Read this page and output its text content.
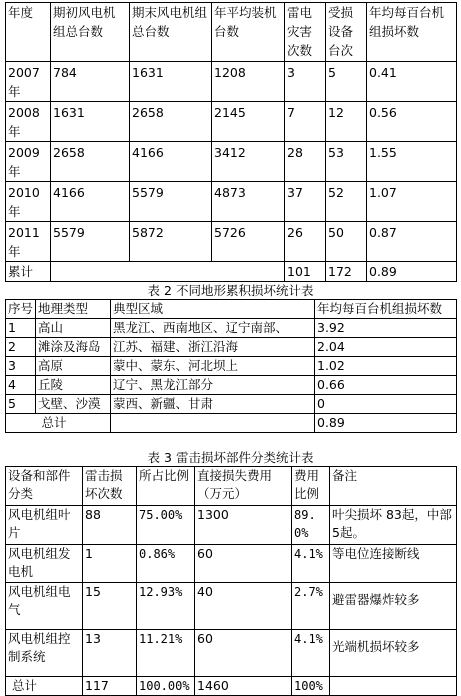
年度	期初风电机组总台数	期末风电机组总台数	年平均装机台数	雷电灾害次数	受损设备台次	年均每百台机组损坏数
2007年	784	1631	1208	3	5	0.41
2008年	1631	2658	2145	7	12	0.56
2009年	2658	4166	3412	28	53	1.55
2010年	4166	5579	4873	37	52	1.07
2011年	5579	5872	5726	26	50	0.87
累计				101	172	0.89
表 2 不同地形累积损坏统计表
序号	地理类型	典型区域	年均每百台机组损坏数
1	高山	黑龙江、西南地区、辽宁南部、	3.92
2	滩涂及海岛	江苏、福建、浙江沿海	2.04
3	高原	蒙中、蒙东、河北坝上	1.02
4	丘陵	辽宁、黑龙江部分	0.66
5	戈壁、沙漠	蒙西、新疆、甘肃	0
	总计		0.89
表 3 雷击损坏部件分类统计表
设备和部件分类	雷击损坏次数	所占比例	直接损失费用（万元）	费用比例	备注
风电机组叶片	88	75.00%	1300	89.0%	叶尖损坏 83起，中部 5起。
风电机组发电机	1	0.86%	60	4.1%	等电位连接断线
风电机组电气	15	12.93%	40	2.7%	避雷器爆炸较多
风电机组控制系统	13	11.21%	60	4.1%	光端机损坏较多
总计	117	100.00%	1460	100%	
